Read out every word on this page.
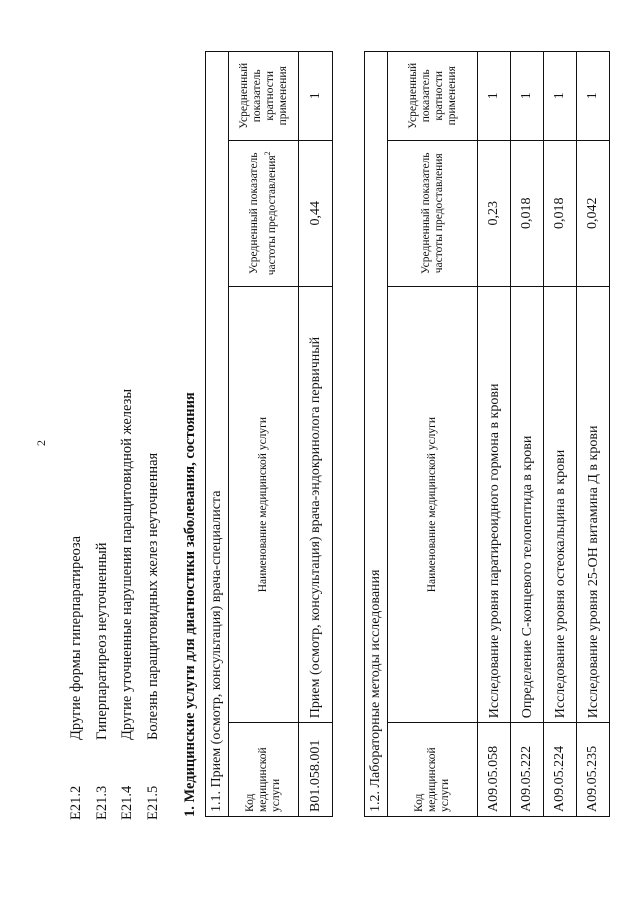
2
E21.2
Другие формы гиперпаратиреоза
E21.3
Гиперпаратиреоз неуточненный
E21.4
Другие уточненные нарушения паращитовидной железы
E21.5
Болезнь паращитовидных желез неуточненная	1. Медицинские услуги для диагностики заболевания, состояния 1.1. Прием (осмотр, консультация) врача-специалиста			
Код медицинской услуги	Наименование медицинской услуги	Усредненный показатель частоты предоставления$^2$	Усредненный показатель кратности применения
B01.058.001	Прием (осмотр, консультация) врача-эндокринолога первичный	0,44	1
1.2. Лабораторные методы исследования			
Код медицинской услуги	Наименование медицинской услуги	Усредненный показатель частоты предоставления	Усредненный показатель кратности применения
A09.05.058	Исследование уровня паратиреоидного гормона в крови	0,23	1
A09.05.222	Определение С-концевого телопептида в крови	0,018	1
A09.05.224	Исследование уровня остеокальцина в крови	0,018	1
A09.05.235	Исследование уровня 25-ОН витамина Д в крови	0,042	1
